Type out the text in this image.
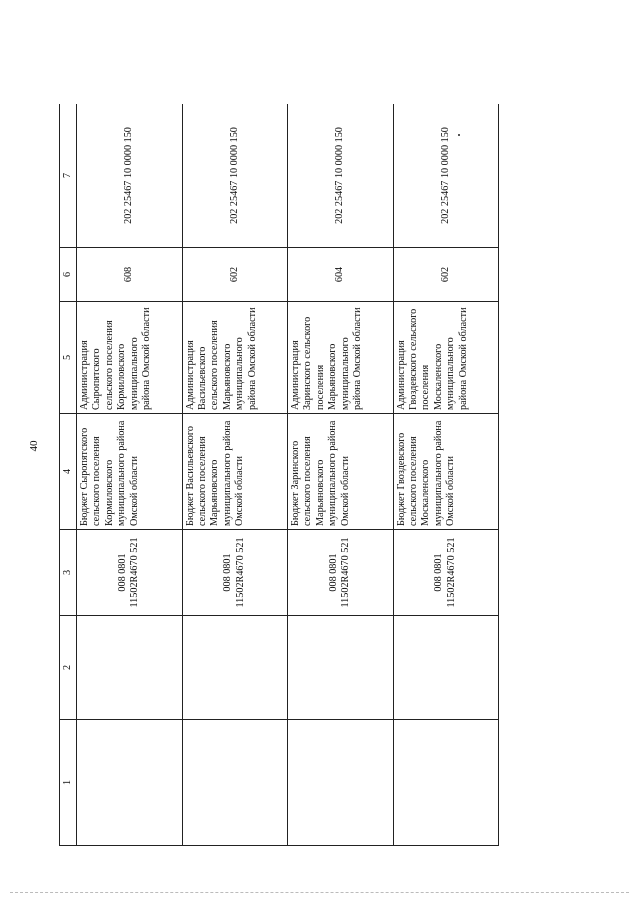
40
1	2	3	4	5	6	7
		008 0801
11502R4670 521	Бюджет Сыропятского сельского поселения Кормиловского муниципального района Омской области	Администрация Сыропятского сельского поселения Кормиловского муниципального района Омской области	608	202 25467 10 0000 150
		008 0801
11502R4670 521	Бюджет Васильевского сельского поселения Марьяновского муниципального района Омской области	Администрация Васильевского сельского поселения Марьяновского муниципального района Омской области	602	202 25467 10 0000 150
		008 0801
11502R4670 521	Бюджет Заринского сельского поселения Марьяновского муниципального района Омской области	Администрация Заринского сельского поселения Марьяновского муниципального района Омской области	604	202 25467 10 0000 150
		008 0801
11502R4670 521	Бюджет Гвоздевского сельского поселения Москаленского муниципального района Омской области	Администрация Гвоздевского сельского поселения Москаленского муниципального района Омской области	602	202 25467 10 0000 150
